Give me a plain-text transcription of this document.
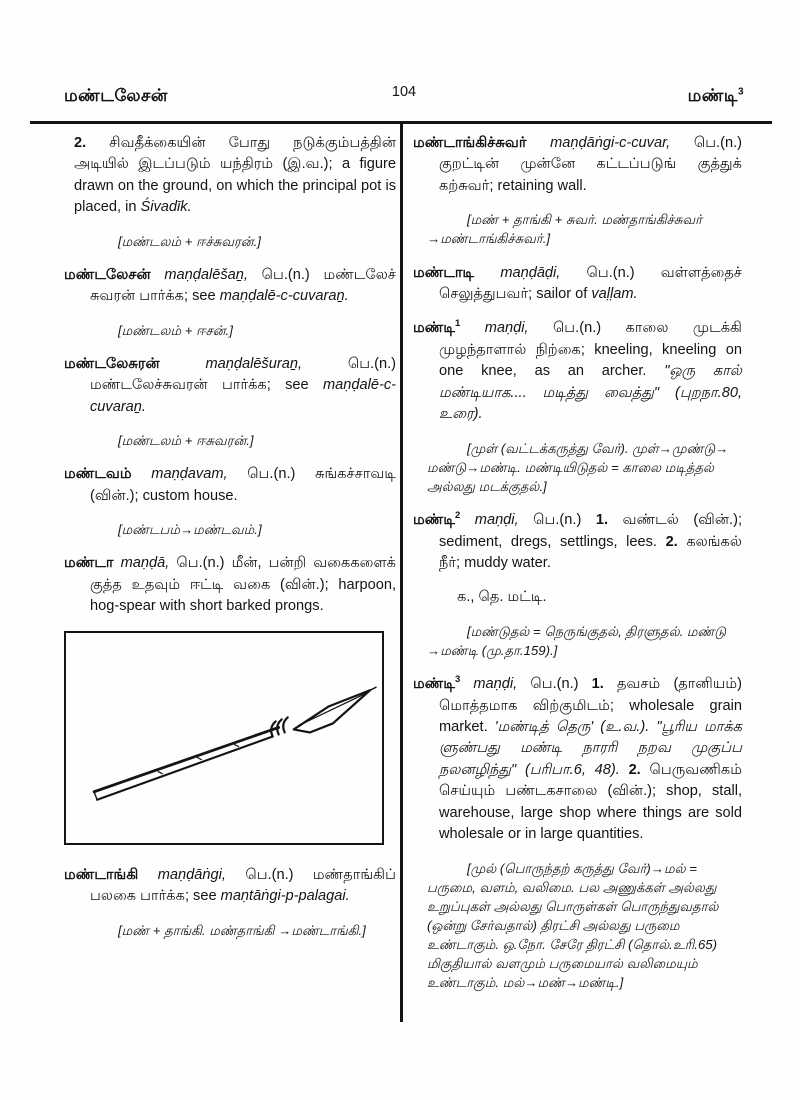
மண்டலேசன்	104	மண்டி$^3$

2. சிவதீக்கையின் போது நடுக்கும்பத்தின் அடியில் இடப்படும் யந்திரம் (இ.வ.); a figure drawn on the ground, on which the principal pot is placed, in Śivadīk.

[மண்டலம் + ஈச்சுவரன்.]

மண்டலேசன் maṇḍalēšaṉ, பெ.(n.) மண்டலேச் சுவரன் பார்க்க; see maṇḍalē-c-cuvaraṉ.

[மண்டலம் + ஈசன்.]

மண்டலேசுரன் maṇḍalēšuraṉ, பெ.(n.) மண்டலேச்சுவரன் பார்க்க; see maṇḍalē-c-cuvaraṉ.

[மண்டலம் + ஈசுவரன்.]

மண்டவம் maṇḍavam, பெ.(n.) சுங்கச்சாவடி (வின்.); custom house.

[மண்டபம்→மண்டவம்.]

மண்டா maṇḍā, பெ.(n.) மீன், பன்றி வகைகளைக் குத்த உதவும் ஈட்டி வகை (வின்.); harpoon, hog-spear with short barked prongs.

மண்டாங்கி maṇḍāṅgi, பெ.(n.) மண்தாங்கிப் பலகை பார்க்க; see maṇtāṅgi-p-palagai.

[மண் + தாங்கி. மண்தாங்கி →மண்டாங்கி.]

மண்டாங்கிச்சுவர் maṇḍāṅgi-c-cuvar, பெ.(n.) குறட்டின் முன்னே கட்டப்படுங் குத்துக் கற்சுவர்; retaining wall.

[மண் + தாங்கி + சுவர். மண்தாங்கிச்சுவர் →மண்டாங்கிச்சுவர்.]

மண்டாடி maṇḍāḍi, பெ.(n.) வள்ளத்தைச் செலுத்துபவர்; sailor of vaḷḷam.

மண்டி$^1$ maṇḍi, பெ.(n.) காலை முடக்கி முழந்தாளால் நிற்கை; kneeling, kneeling on one knee, as an archer. "ஒரு கால் மண்டியாக.... மடித்து வைத்து" (புறநா.80, உரை).

[முள் (வட்டக்கருத்து வேர்). முள்→முண்டு→ மண்டு→மண்டி. மண்டியிடுதல் = காலை மடித்தல் அல்லது மடக்குதல்.]

மண்டி$^2$ maṇḍi, பெ.(n.) 1. வண்டல் (வின்.); sediment, dregs, settlings, lees. 2. கலங்கல் நீர்; muddy water.

க., தெ. மட்டி.

[மண்டுதல் = நெருங்குதல், திரளுதல். மண்டு →மண்டி (மு.தா.159).]

மண்டி$^3$ maṇḍi, பெ.(n.) 1. தவசம் (தானியம்) மொத்தமாக விற்குமிடம்; wholesale grain market. 'மண்டித் தெரு' (உ.வ.). "பூரிய மாக்க ளுண்பது மண்டி நாரரி நறவ முகுப்ப நலனழிந்து" (பரிபா.6, 48). 2. பெருவணிகம் செய்யும் பண்டகசாலை (வின்.); shop, stall, warehouse, large shop where things are sold wholesale or in large quantities.

[முல் (பொருந்தற் கருத்து வேர்)→மல் = பருமை, வளம், வலிமை. பல அணுக்கள் அல்லது உறுப்புகள் அல்லது பொருள்கள் பொருந்துவதால் (ஒன்று சேர்வதால்) திரட்சி அல்லது பருமை உண்டாகும். ஒ.நோ. சேரே திரட்சி (தொல்.உரி.65) மிகுதியால் வளமும் பருமையால் வலிமையும் உண்டாகும். மல்→மண்→மண்டி.]
